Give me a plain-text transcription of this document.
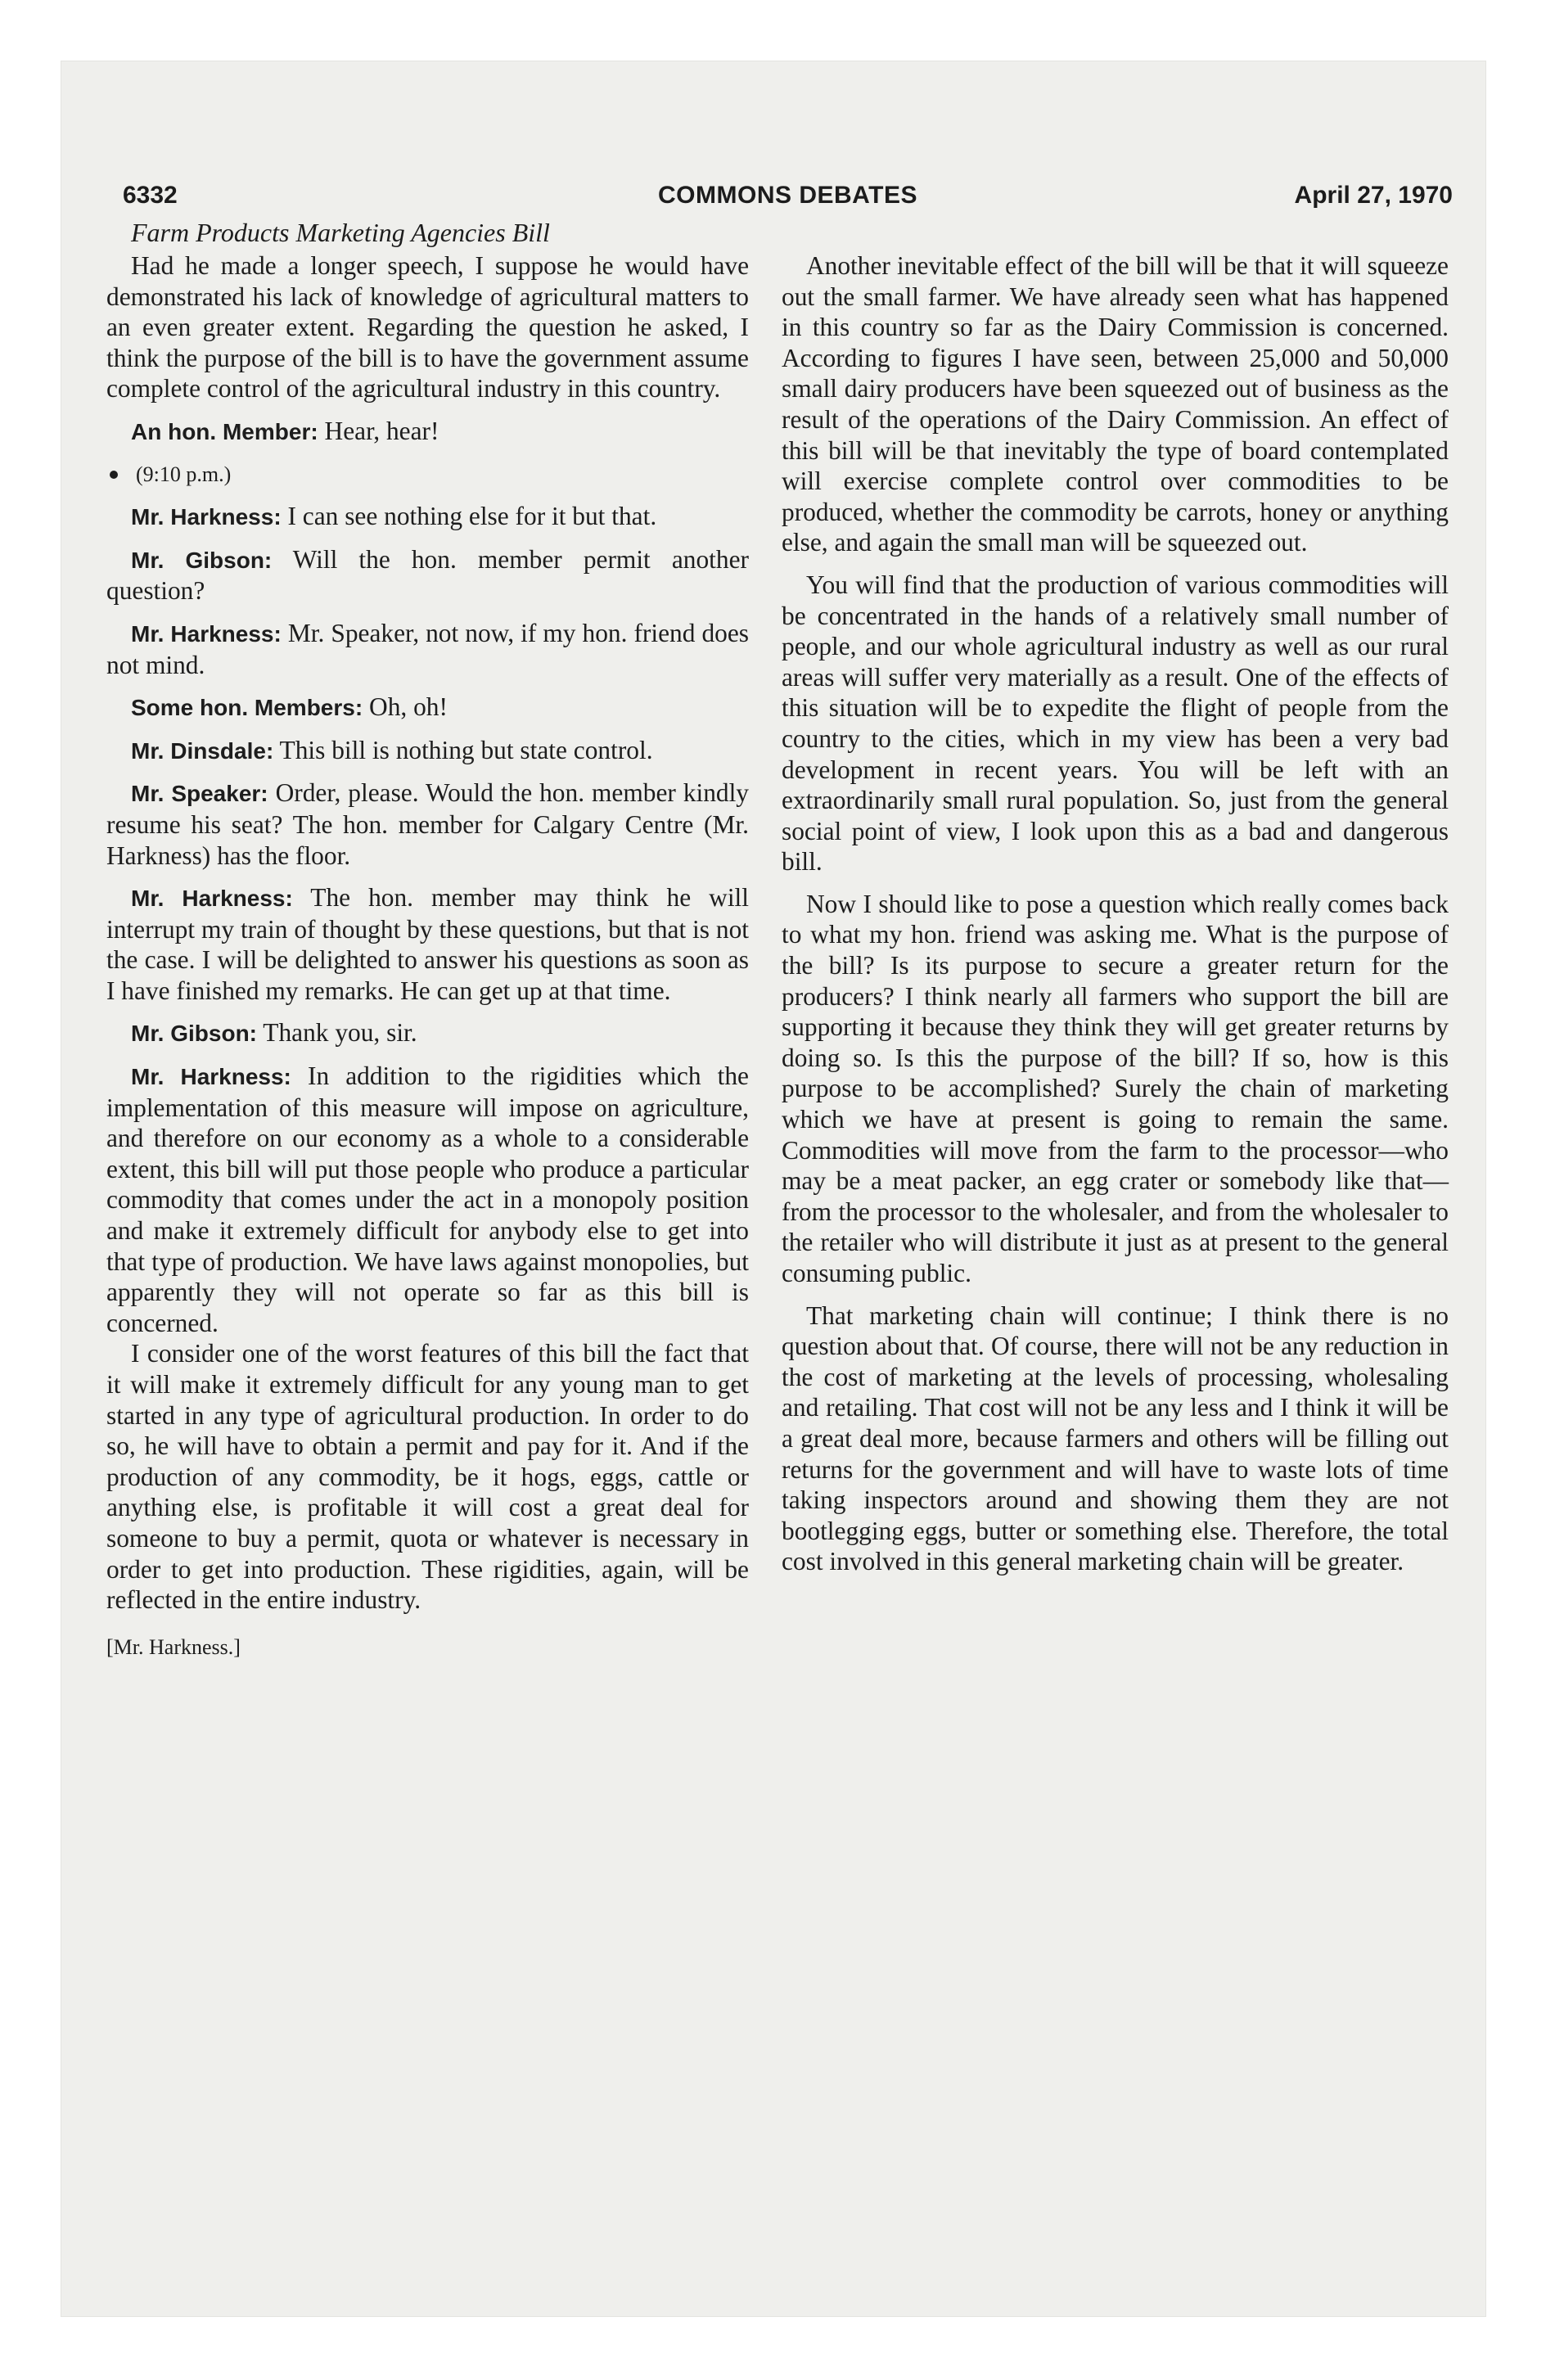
6332	COMMONS DEBATES	April 27, 1970
Farm Products Marketing Agencies Bill

Had he made a longer speech, I suppose he would have demonstrated his lack of knowledge of agricultural matters to an even greater extent. Regarding the question he asked, I think the purpose of the bill is to have the government assume complete control of the agricultural industry in this country.

An hon. Member: Hear, hear!

(9:10 p.m.)

Mr. Harkness: I can see nothing else for it but that.

Mr. Gibson: Will the hon. member permit another question?

Mr. Harkness: Mr. Speaker, not now, if my hon. friend does not mind.

Some hon. Members: Oh, oh!

Mr. Dinsdale: This bill is nothing but state control.

Mr. Speaker: Order, please. Would the hon. member kindly resume his seat? The hon. member for Calgary Centre (Mr. Harkness) has the floor.

Mr. Harkness: The hon. member may think he will interrupt my train of thought by these questions, but that is not the case. I will be delighted to answer his questions as soon as I have finished my remarks. He can get up at that time.

Mr. Gibson: Thank you, sir.

Mr. Harkness: In addition to the rigidities which the implementation of this measure will impose on agriculture, and therefore on our economy as a whole to a considerable extent, this bill will put those people who produce a particular commodity that comes under the act in a monopoly position and make it extremely difficult for anybody else to get into that type of production. We have laws against monopolies, but apparently they will not operate so far as this bill is concerned.

I consider one of the worst features of this bill the fact that it will make it extremely difficult for any young man to get started in any type of agricultural production. In order to do so, he will have to obtain a permit and pay for it. And if the production of any commodity, be it hogs, eggs, cattle or anything else, is profitable it will cost a great deal for someone to buy a permit, quota or whatever is necessary in order to get into production. These rigidities, again, will be reflected in the entire industry.

[Mr. Harkness.]

Another inevitable effect of the bill will be that it will squeeze out the small farmer. We have already seen what has happened in this country so far as the Dairy Commission is concerned. According to figures I have seen, between 25,000 and 50,000 small dairy producers have been squeezed out of business as the result of the operations of the Dairy Commission. An effect of this bill will be that inevitably the type of board contemplated will exercise complete control over commodities to be produced, whether the commodity be carrots, honey or anything else, and again the small man will be squeezed out.

You will find that the production of various commodities will be concentrated in the hands of a relatively small number of people, and our whole agricultural industry as well as our rural areas will suffer very materially as a result. One of the effects of this situation will be to expedite the flight of people from the country to the cities, which in my view has been a very bad development in recent years. You will be left with an extraordinarily small rural population. So, just from the general social point of view, I look upon this as a bad and dangerous bill.

Now I should like to pose a question which really comes back to what my hon. friend was asking me. What is the purpose of the bill? Is its purpose to secure a greater return for the producers? I think nearly all farmers who support the bill are supporting it because they think they will get greater returns by doing so. Is this the purpose of the bill? If so, how is this purpose to be accomplished? Surely the chain of marketing which we have at present is going to remain the same. Commodities will move from the farm to the processor—who may be a meat packer, an egg crater or somebody like that—from the processor to the wholesaler, and from the wholesaler to the retailer who will distribute it just as at present to the general consuming public.

That marketing chain will continue; I think there is no question about that. Of course, there will not be any reduction in the cost of marketing at the levels of processing, wholesaling and retailing. That cost will not be any less and I think it will be a great deal more, because farmers and others will be filling out returns for the government and will have to waste lots of time taking inspectors around and showing them they are not bootlegging eggs, butter or something else. Therefore, the total cost involved in this general marketing chain will be greater.
